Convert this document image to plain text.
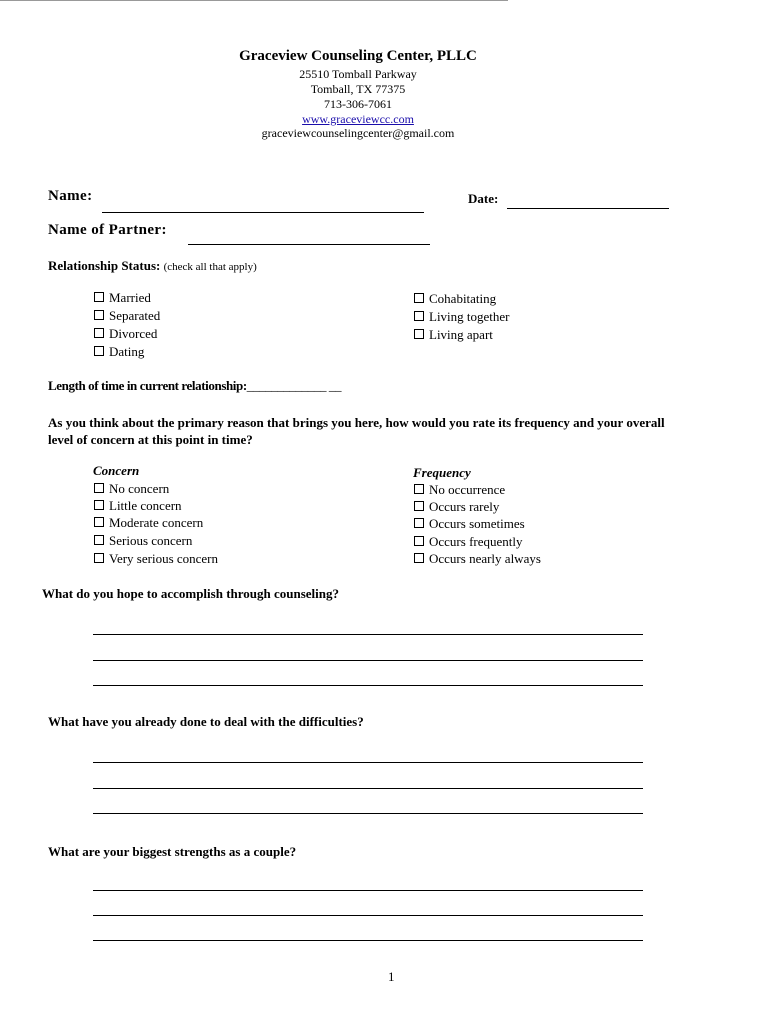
Graceview Counseling Center, PLLC
25510 Tomball Parkway
Tomball, TX 77375
713-306-7061
www.graceviewcc.com
graceviewcounselingcenter@gmail.com
Name:	Date:
Name of Partner:
Relationship Status: (check all that apply)
Married
Separated
Divorced
Dating
Cohabitating
Living together
Living apart
Length of time in current relationship:_____________ __
As you think about the primary reason that brings you here, how would you rate its frequency and your overall level of concern at this point in time?
Concern
No concern
Little concern
Moderate concern
Serious concern
Very serious concern
Frequency
No occurrence
Occurs rarely
Occurs sometimes
Occurs frequently
Occurs nearly always
What do you hope to accomplish through counseling?
What have you already done to deal with the difficulties?
What are your biggest strengths as a couple?
1
